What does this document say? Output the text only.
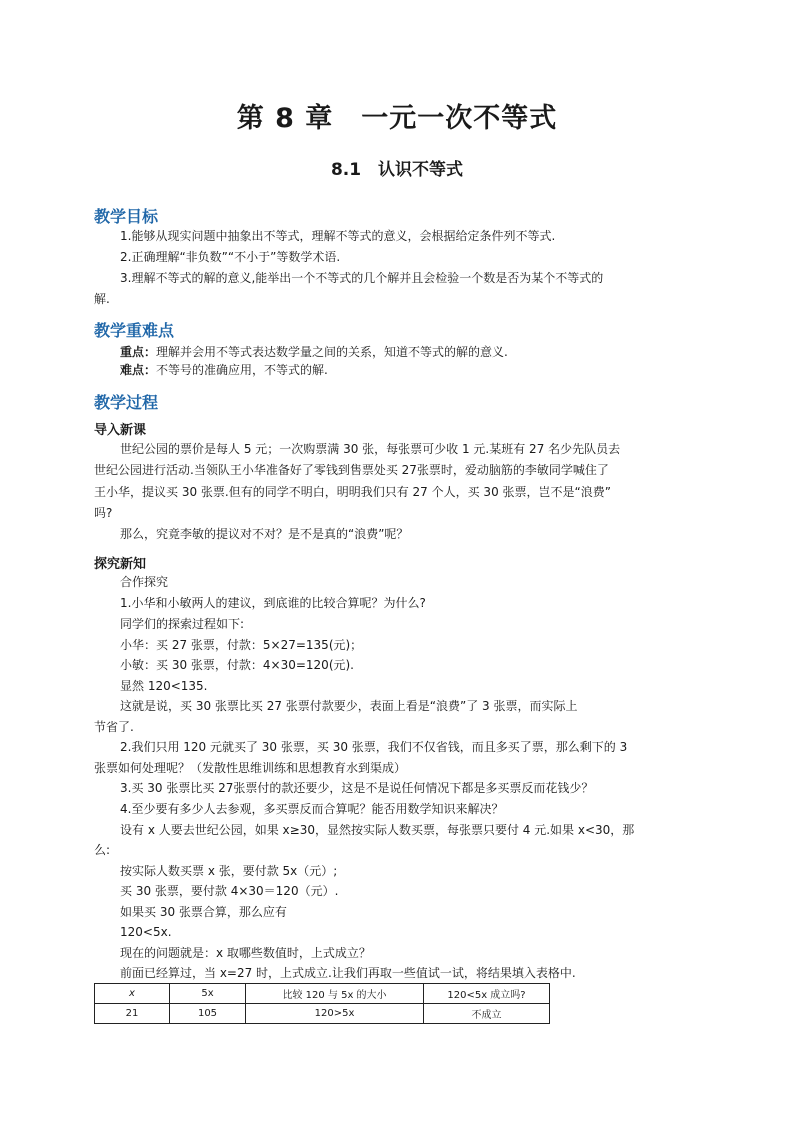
第 8 章　一元一次不等式
8.1　认识不等式
教学目标
1.能够从现实问题中抽象出不等式，理解不等式的意义，会根据给定条件列不等式.
2.正确理解“非负数”“不小于”等数学术语.
3.理解不等式的解的意义,能举出一个不等式的几个解并且会检验一个数是否为某个不等式的
解.
教学重难点
重点：理解并会用不等式表达数学量之间的关系，知道不等式的解的意义.
难点：不等号的准确应用，不等式的解.
教学过程
导入新课
世纪公园的票价是每人 5 元；一次购票满 30 张，每张票可少收 1 元.某班有 27 名少先队员去
世纪公园进行活动.当领队王小华准备好了零钱到售票处买 27张票时，爱动脑筋的李敏同学喊住了
王小华，提议买 30 张票.但有的同学不明白，明明我们只有 27 个人，买 30 张票，岂不是“浪费”
吗?
那么，究竟李敏的提议对不对？是不是真的“浪费”呢？
探究新知
合作探究
1.小华和小敏两人的建议，到底谁的比较合算呢？为什么?
同学们的探索过程如下:
小华：买 27 张票，付款：5×27=135(元)；
小敏：买 30 张票，付款：4×30=120(元).
显然 120<135.
这就是说，买 30 张票比买 27 张票付款要少，表面上看是“浪费”了 3 张票，而实际上
节省了.
2.我们只用 120 元就买了 30 张票，买 30 张票，我们不仅省钱，而且多买了票，那么剩下的 3
张票如何处理呢？（发散性思维训练和思想教育水到渠成）
3.买 30 张票比买 27张票付的款还要少，这是不是说任何情况下都是多买票反而花钱少？
4.至少要有多少人去参观，多买票反而合算呢？能否用数学知识来解决？
设有 x 人要去世纪公园，如果 x≥30，显然按实际人数买票，每张票只要付 4 元.如果 x<30，那
么:
按实际人数买票 x 张，要付款 5x（元）;
买 30 张票，要付款 4×30＝120（元）.
如果买 30 张票合算，那么应有
120<5x.
现在的问题就是：x 取哪些数值时，上式成立？
前面已经算过，当 x=27 时，上式成立.让我们再取一些值试一试，将结果填入表格中.
x	5x	比较 120 与 5x 的大小	120<5x 成立吗?
21	105	120>5x	不成立
